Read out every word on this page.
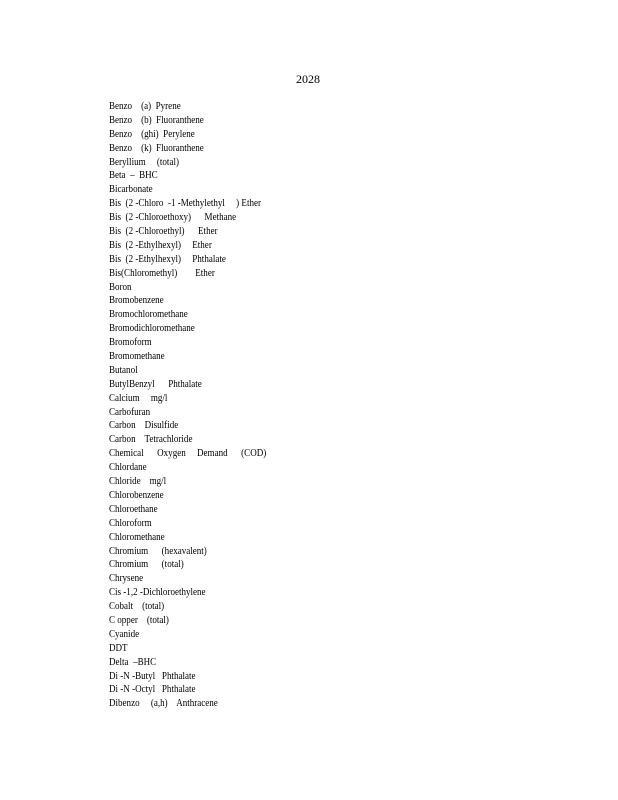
2028
Benzo    (a)  Pyrene
Benzo    (b)  Fluoranthene
Benzo    (ghi)  Perylene
Benzo    (k)  Fluoranthene
Beryllium     (total)
Beta  –  BHC
Bicarbonate
Bis  (2 -Chloro  -1 -Methylethyl     ) Ether
Bis  (2 -Chloroethoxy)      Methane
Bis  (2 -Chloroethyl)      Ether
Bis  (2 -Ethylhexyl)     Ether
Bis  (2 -Ethylhexyl)     Phthalate
Bis(Chloromethyl)        Ether
Boron
Bromobenzene
Bromochloromethane
Bromodichloromethane
Bromoform
Bromomethane
Butanol
ButylBenzyl      Phthalate
Calcium     mg/l
Carbofuran
Carbon    Disulfide
Carbon    Tetrachloride
Chemical      Oxygen     Demand      (COD)
Chlordane
Chloride    mg/l
Chlorobenzene
Chloroethane
Chloroform
Chloromethane
Chromium      (hexavalent)
Chromium      (total)
Chrysene
Cis -1,2 -Dichloroethylene
Cobalt    (total)
C opper    (total)
Cyanide
DDT
Delta  –BHC
Di -N -Butyl   Phthalate
Di -N -Octyl   Phthalate
Dibenzo     (a,h)    Anthracene
